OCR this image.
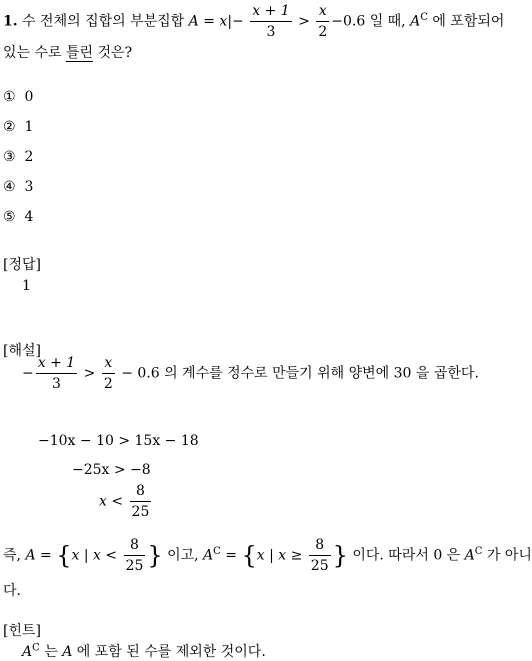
1. 수 전체의 집합의 부분집합 $A = x|- \frac{x + 1}{3} > \frac{x}{2} -0.6$ 일 때, $A^C$ 에 포함되어
있는 수로 틀린 것은?
① 0
② 1
③ 2
④ 3
⑤ 4
[정답]
1
[해설]
− $\frac{x + 1}{3} > \frac{x}{2} - 0.6$ 의 계수를 정수로 만들기 위해 양변에 30 을 곱한다.
−10x − 10 > 15x − 18
−25x > −8
$x < \frac{8}{25}$
즉, A = {x | $x < \frac{8}{25}$ } 이고, $A^C = \{x$ | $x \ge \frac{8}{25}$ } 이다. 따라서 0 은 $A^C$ 가 아니
다.
[힌트]
$A^C$ 는 A 에 포함 된 수를 제외한 것이다.
